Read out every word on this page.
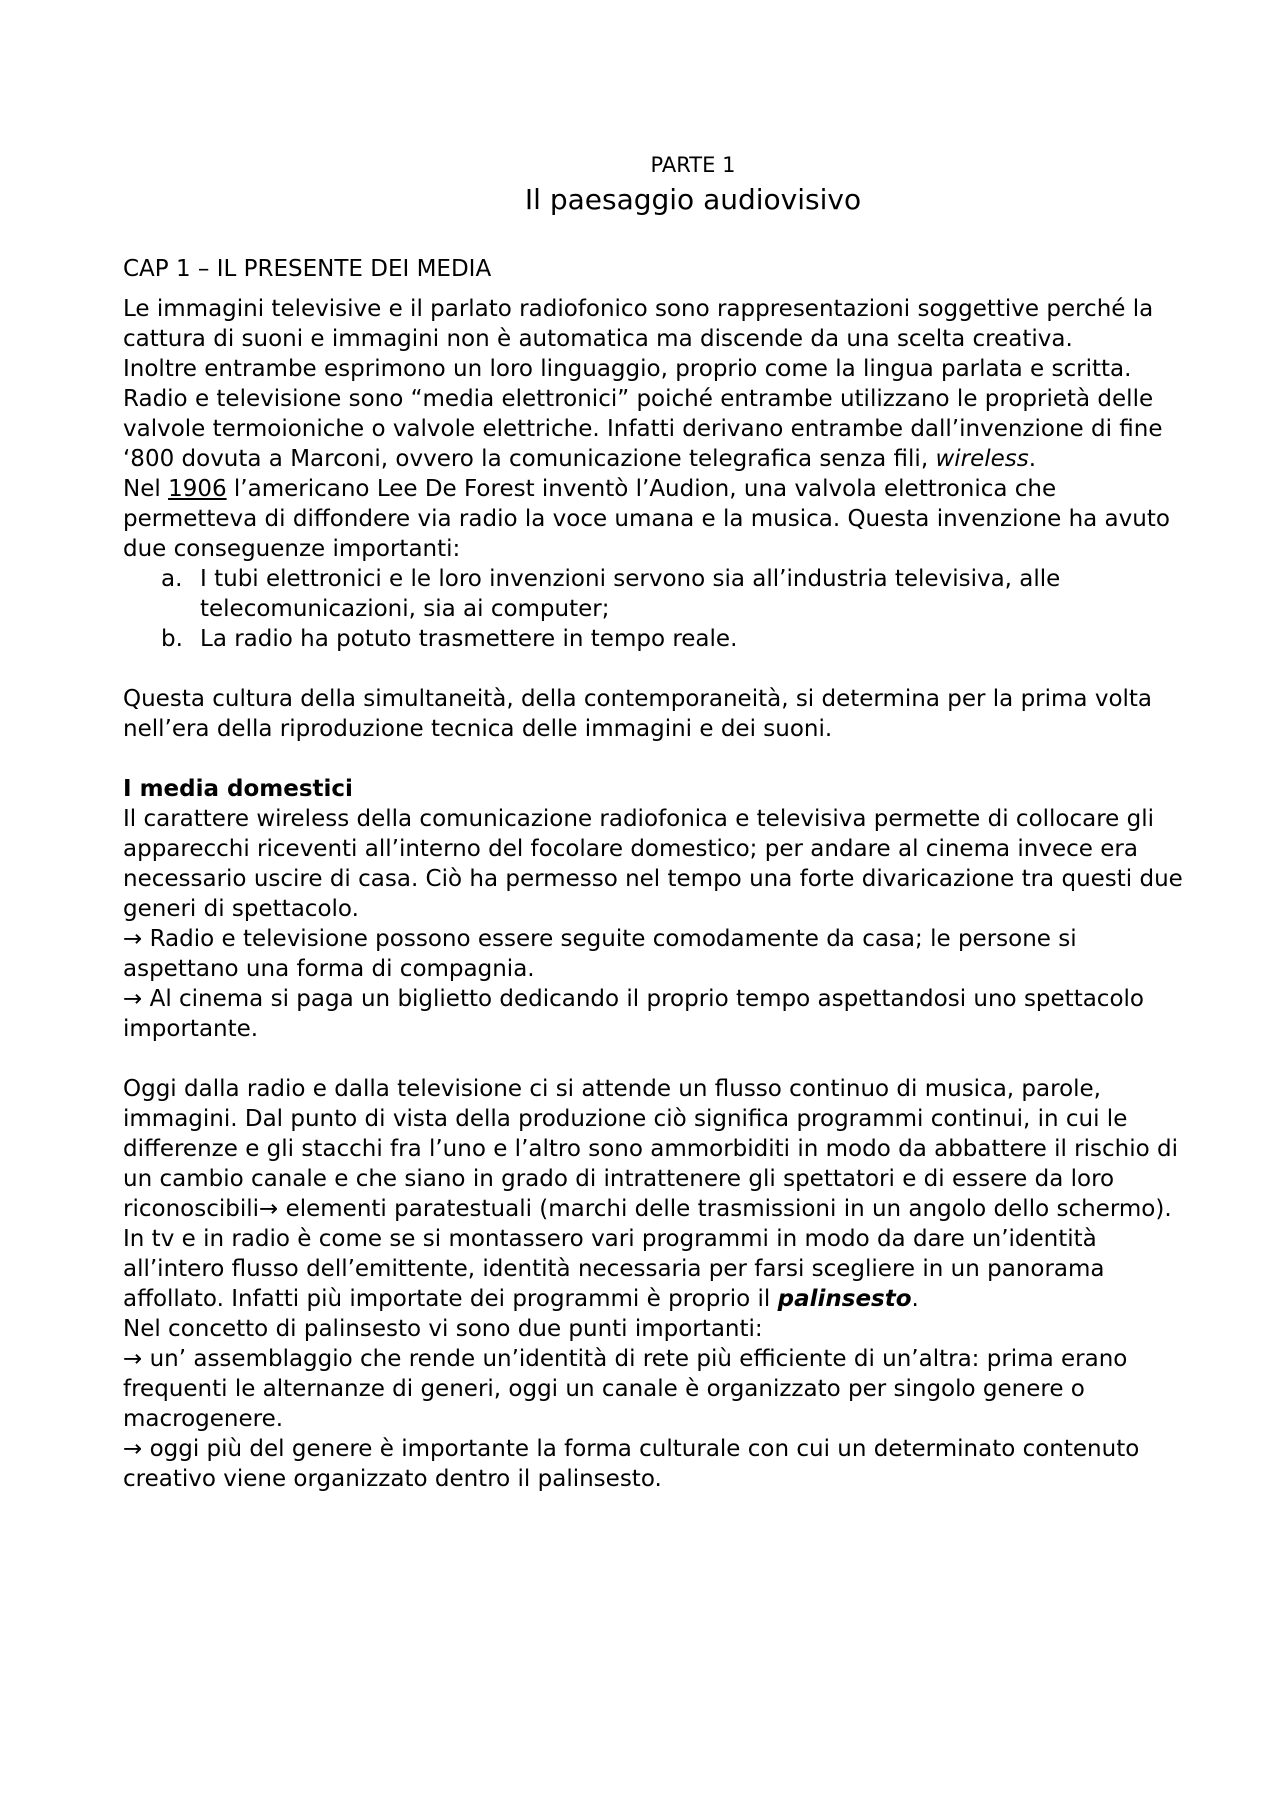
PARTE 1

Il paesaggio audiovisivo

CAP 1 – IL PRESENTE DEI MEDIA

Le immagini televisive e il parlato radiofonico sono rappresentazioni soggettive perché la cattura di suoni e immagini non è automatica ma discende da una scelta creativa.

Inoltre entrambe esprimono un loro linguaggio, proprio come la lingua parlata e scritta.

Radio e televisione sono “media elettronici” poiché entrambe utilizzano le proprietà delle valvole termoioniche o valvole elettriche. Infatti derivano entrambe dall’invenzione di fine ‘800 dovuta a Marconi, ovvero la comunicazione telegrafica senza fili, wireless.

Nel 1906 l’americano Lee De Forest inventò l’Audion, una valvola elettronica che permetteva di diffondere via radio la voce umana e la musica. Questa invenzione ha avuto due conseguenze importanti:

a. I tubi elettronici e le loro invenzioni servono sia all’industria televisiva, alle telecomunicazioni, sia ai computer;
b. La radio ha potuto trasmettere in tempo reale.

Questa cultura della simultaneità, della contemporaneità, si determina per la prima volta nell’era della riproduzione tecnica delle immagini e dei suoni.

I media domestici

Il carattere wireless della comunicazione radiofonica e televisiva permette di collocare gli apparecchi riceventi all’interno del focolare domestico; per andare al cinema invece era necessario uscire di casa. Ciò ha permesso nel tempo una forte divaricazione tra questi due generi di spettacolo.

→ Radio e televisione possono essere seguite comodamente da casa; le persone si aspettano una forma di compagnia.

→ Al cinema si paga un biglietto dedicando il proprio tempo aspettandosi uno spettacolo importante.

Oggi dalla radio e dalla televisione ci si attende un flusso continuo di musica, parole, immagini. Dal punto di vista della produzione ciò significa programmi continui, in cui le differenze e gli stacchi fra l’uno e l’altro sono ammorbiditi in modo da abbattere il rischio di un cambio canale e che siano in grado di intrattenere gli spettatori e di essere da loro riconoscibili→ elementi paratestuali (marchi delle trasmissioni in un angolo dello schermo).

In tv e in radio è come se si montassero vari programmi in modo da dare un’identità all’intero flusso dell’emittente, identità necessaria per farsi scegliere in un panorama affollato. Infatti più importate dei programmi è proprio il palinsesto.

Nel concetto di palinsesto vi sono due punti importanti:

→ un’ assemblaggio che rende un’identità di rete più efficiente di un’altra: prima erano frequenti le alternanze di generi, oggi un canale è organizzato per singolo genere o macrogenere.

→ oggi più del genere è importante la forma culturale con cui un determinato contenuto creativo viene organizzato dentro il palinsesto.
